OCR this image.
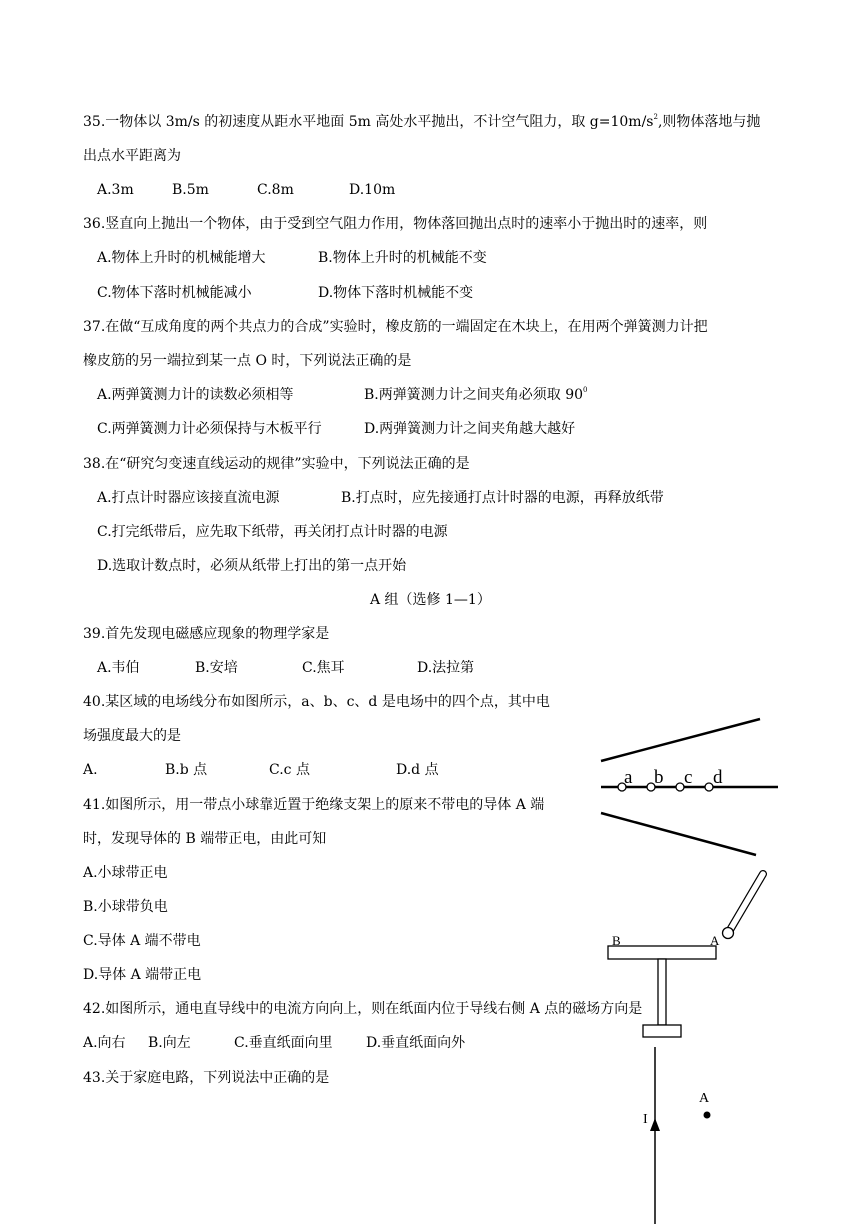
35.一物体以 3m/s 的初速度从距水平地面 5m 高处水平抛出，不计空气阻力，取 $g=10m/s^2$,则物体落地与抛
出点水平距离为
A.3m	B.5m	C.8m	D.10m
36.竖直向上抛出一个物体，由于受到空气阻力作用，物体落回抛出点时的速率小于抛出时的速率，则
A.物体上升时的机械能增大	B.物体上升时的机械能不变
C.物体下落时机械能减小	D.物体下落时机械能不变
37.在做“互成角度的两个共点力的合成”实验时，橡皮筋的一端固定在木块上，在用两个弹簧测力计把
橡皮筋的另一端拉到某一点 O 时，下列说法正确的是
A.两弹簧测力计的读数必须相等	B.两弹簧测力计之间夹角必须取 $90^0$
C.两弹簧测力计必须保持与木板平行	D.两弹簧测力计之间夹角越大越好
38.在“研究匀变速直线运动的规律”实验中，下列说法正确的是
A.打点计时器应该接直流电源	B.打点时，应先接通打点计时器的电源，再释放纸带
C.打完纸带后，应先取下纸带，再关闭打点计时器的电源
D.选取计数点时，必须从纸带上打出的第一点开始
A 组（选修 1—1）
39.首先发现电磁感应现象的物理学家是
A.韦伯	B.安培	C.焦耳	D.法拉第
40.某区域的电场线分布如图所示，a、b、c、d 是电场中的四个点，其中电
场强度最大的是
A.	B.b 点	C.c 点	D.d 点	a b c d
B	A
I
A
41.如图所示，用一带点小球靠近置于绝缘支架上的原来不带电的导体 A 端
时，发现导体的 B 端带正电，由此可知
A.小球带正电
B.小球带负电
C.导体 A 端不带电
D.导体 A 端带正电
42.如图所示，通电直导线中的电流方向向上，则在纸面内位于导线右侧 A 点的磁场方向是
A.向右 B.向左	C.垂直纸面向里 D.垂直纸面向外
43.关于家庭电路，下列说法中正确的是
